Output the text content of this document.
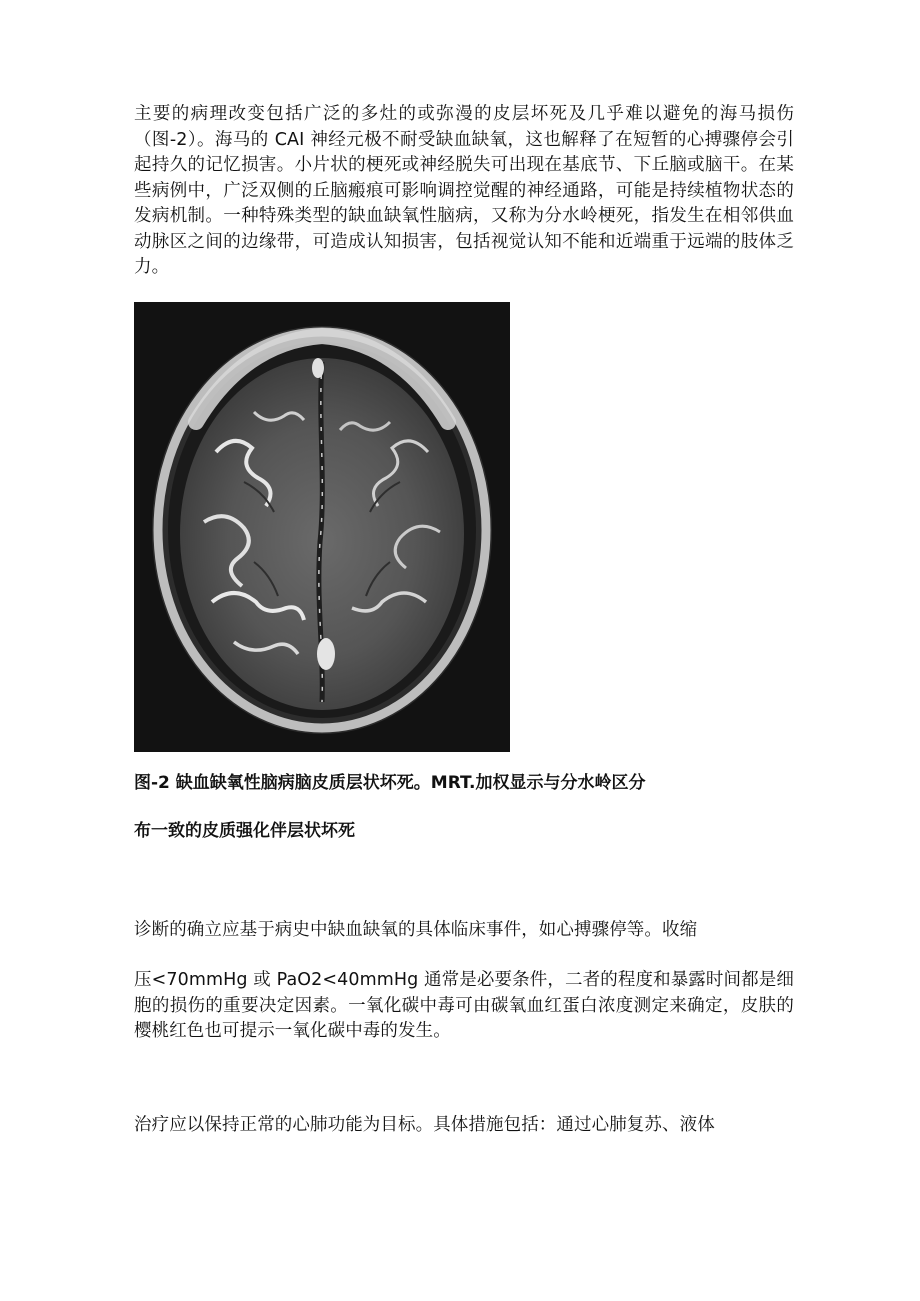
主要的病理改变包括广泛的多灶的或弥漫的皮层坏死及几乎难以避免的海马损伤（图-2）。海马的 CAI 神经元极不耐受缺血缺氧，这也解释了在短暂的心搏骤停会引起持久的记忆损害。小片状的梗死或神经脱失可出现在基底节、下丘脑或脑干。在某些病例中，广泛双侧的丘脑瘢痕可影响调控觉醒的神经通路，可能是持续植物状态的发病机制。一种特殊类型的缺血缺氧性脑病，又称为分水岭梗死，指发生在相邻供血动脉区之间的边缘带，可造成认知损害，包括视觉认知不能和近端重于远端的肢体乏力。

图-2 缺血缺氧性脑病脑皮质层状坏死。MRT.加权显示与分水岭区分

布一致的皮质强化伴层状坏死

诊断的确立应基于病史中缺血缺氧的具体临床事件，如心搏骤停等。收缩

压<70mmHg 或 PaO2<40mmHg 通常是必要条件，二者的程度和暴露时间都是细胞的损伤的重要决定因素。一氧化碳中毒可由碳氧血红蛋白浓度测定来确定，皮肤的樱桃红色也可提示一氧化碳中毒的发生。

治疗应以保持正常的心肺功能为目标。具体措施包括：通过心肺复苏、液体
